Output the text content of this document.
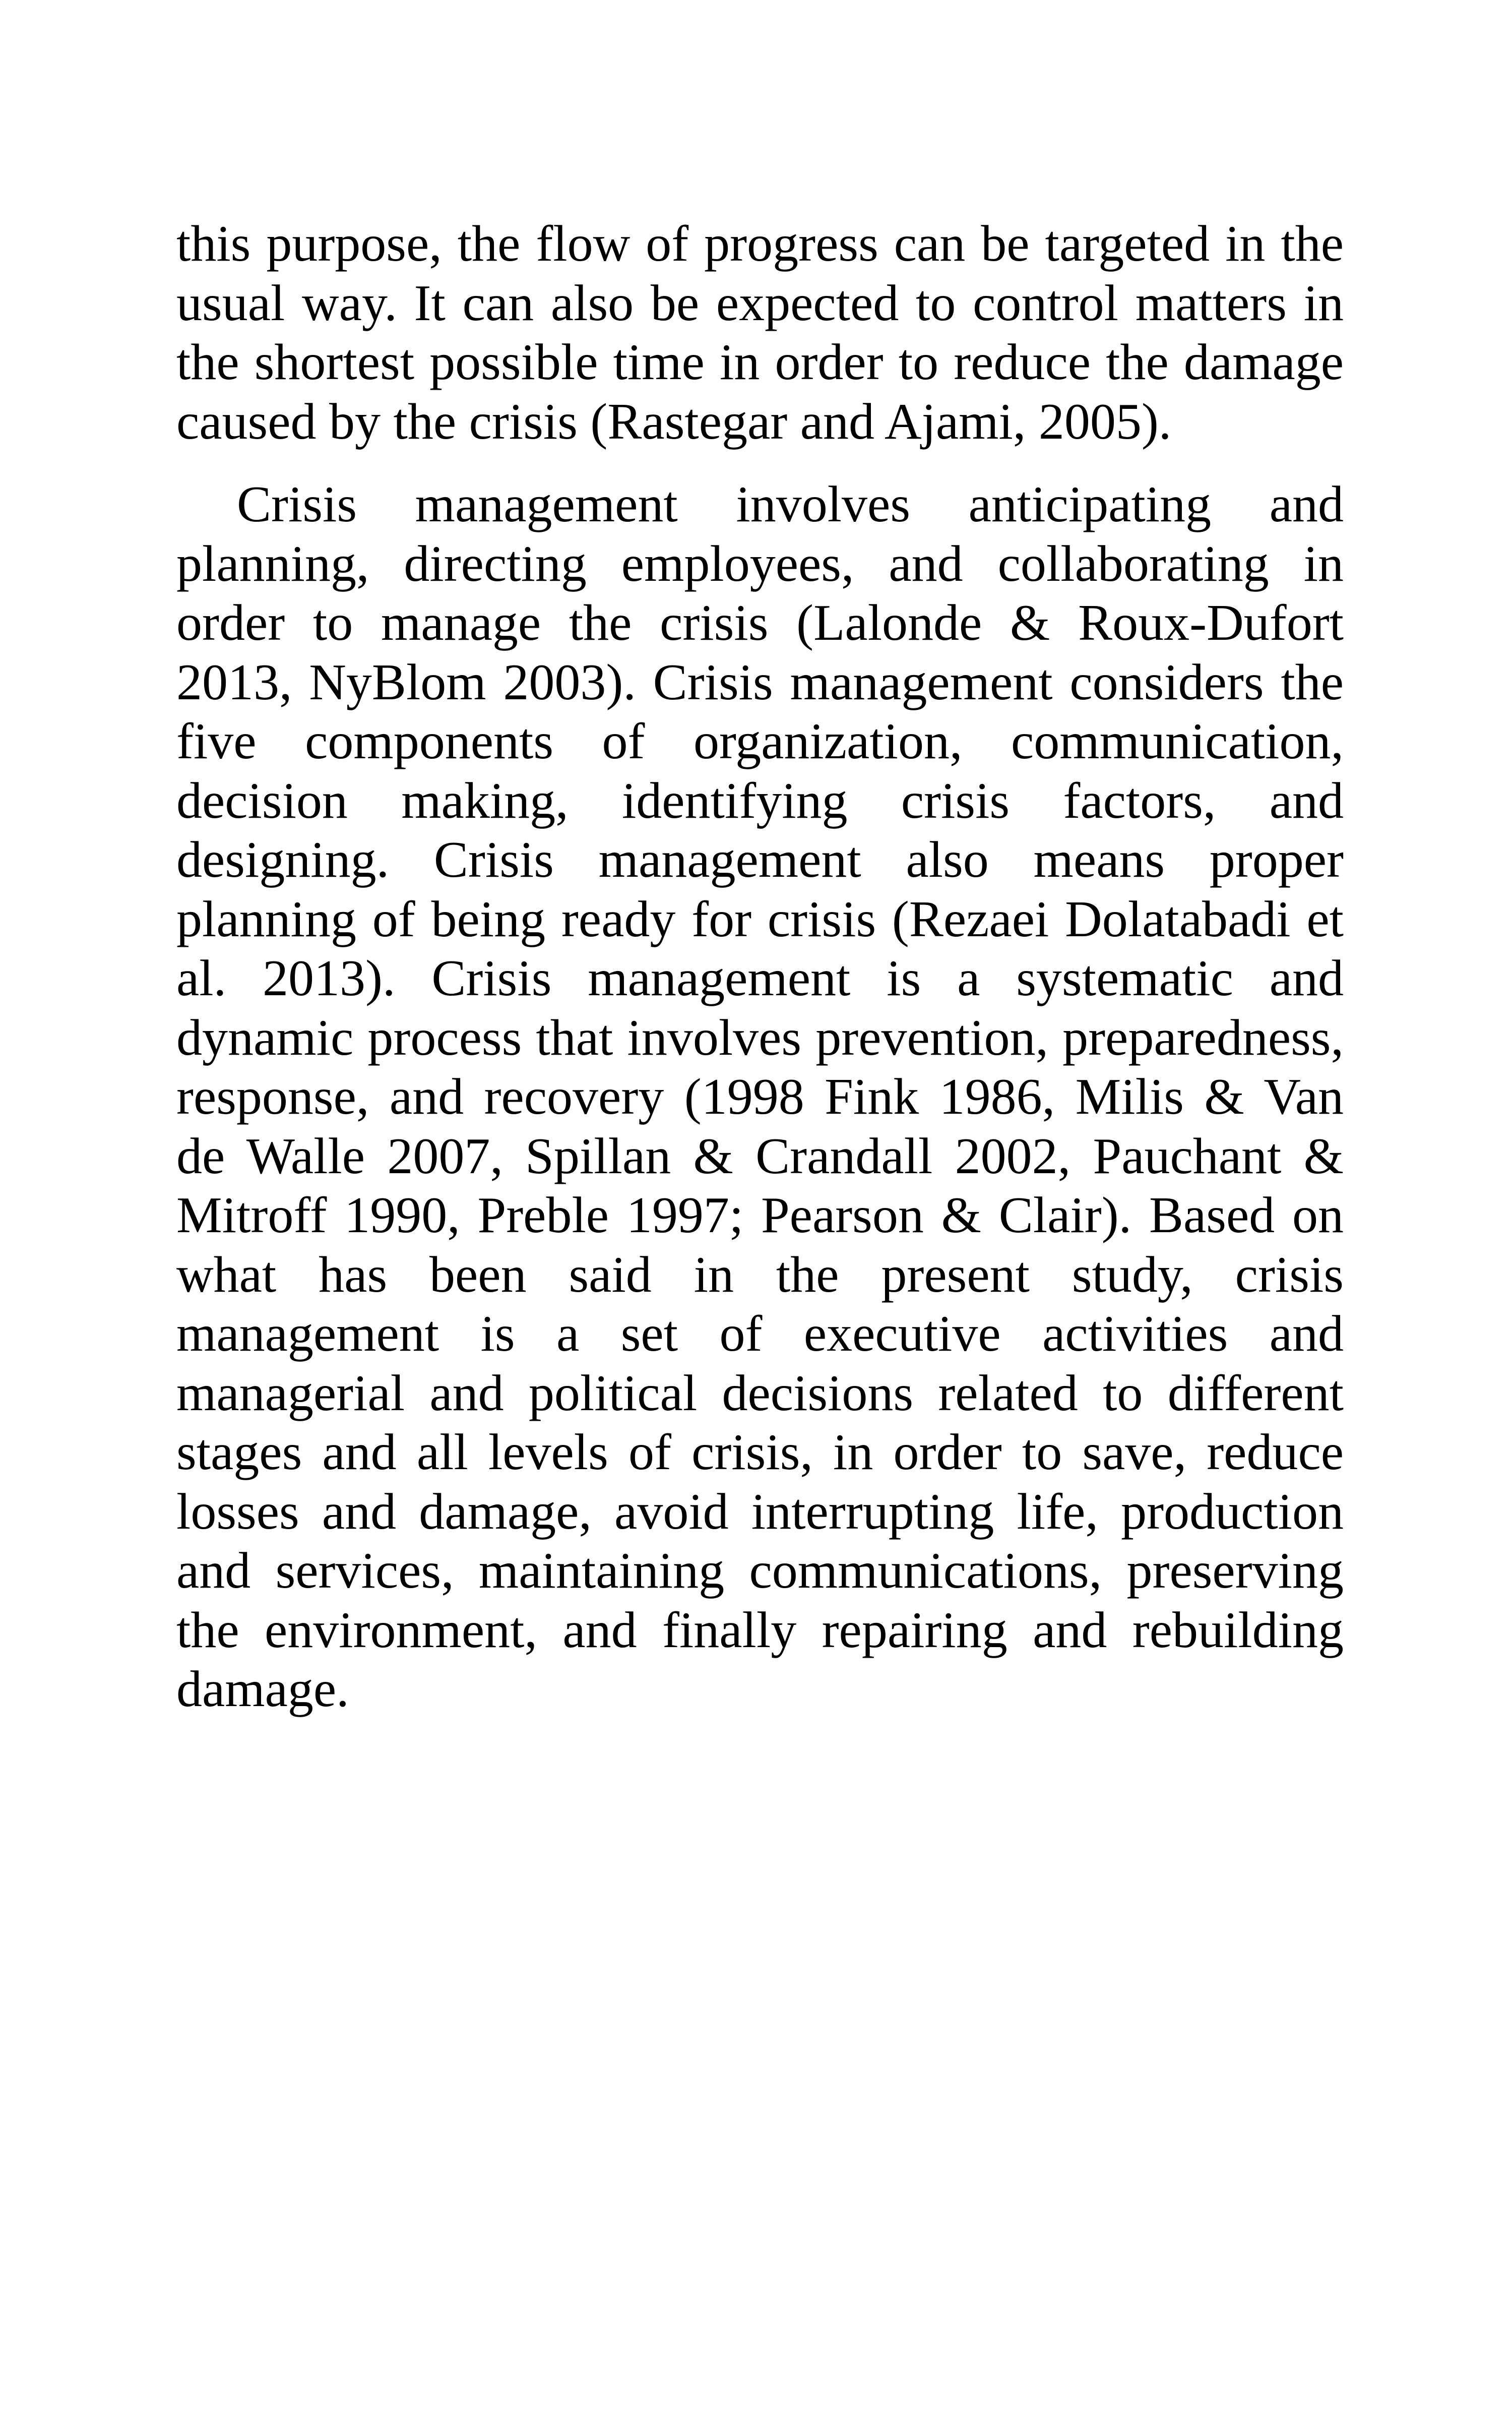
this purpose, the flow of progress can be targeted in the usual way. It can also be expected to control matters in the shortest possible time in order to reduce the damage caused by the crisis (Rastegar and Ajami, 2005).

Crisis management involves anticipating and planning, directing employees, and collaborating in order to manage the crisis (Lalonde & Roux-Dufort 2013, NyBlom 2003). Crisis management considers the five components of organization, communication, decision making, identifying crisis factors, and designing. Crisis management also means proper planning of being ready for crisis (Rezaei Dolatabadi et al. 2013). Crisis management is a systematic and dynamic process that involves prevention, preparedness, response, and recovery (1998 Fink 1986, Milis & Van de Walle 2007, Spillan & Crandall 2002, Pauchant & Mitroff 1990, Preble 1997; Pearson & Clair). Based on what has been said in the present study, crisis management is a set of executive activities and managerial and political decisions related to different stages and all levels of crisis, in order to save, reduce losses and damage, avoid interrupting life, production and services, maintaining communications, preserving the environment, and finally repairing and rebuilding damage.
